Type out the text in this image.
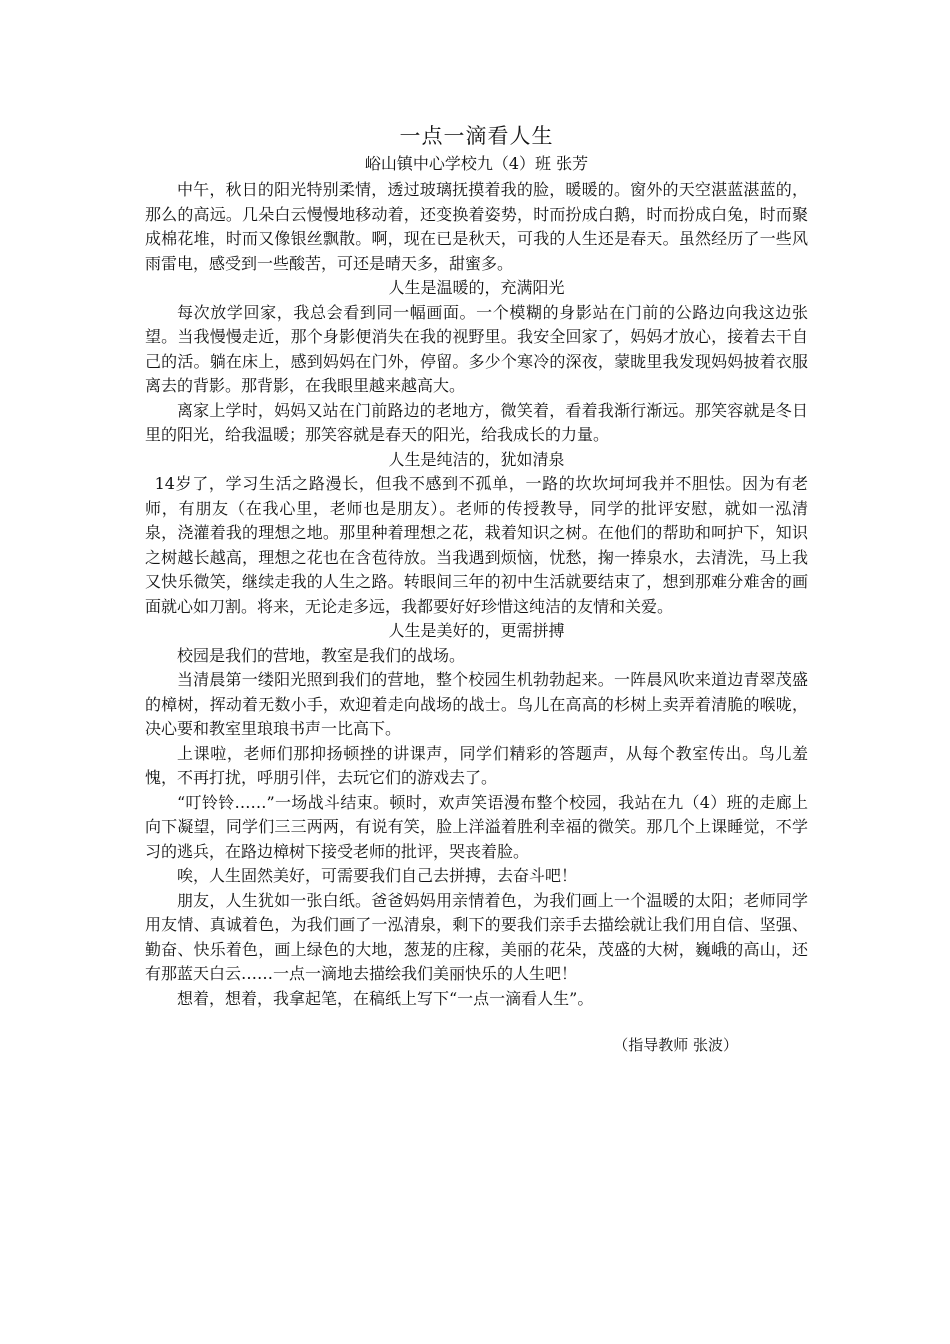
一点一滴看人生
峪山镇中心学校九（4）班 张芳

中午，秋日的阳光特别柔情，透过玻璃抚摸着我的脸，暖暖的。窗外的天空湛蓝湛蓝的，那么的高远。几朵白云慢慢地移动着，还变换着姿势，时而扮成白鹅，时而扮成白兔，时而聚成棉花堆，时而又像银丝飘散。啊，现在已是秋天，可我的人生还是春天。虽然经历了一些风雨雷电，感受到一些酸苦，可还是晴天多，甜蜜多。

人生是温暖的，充满阳光

每次放学回家，我总会看到同一幅画面。一个模糊的身影站在门前的公路边向我这边张望。当我慢慢走近，那个身影便消失在我的视野里。我安全回家了，妈妈才放心，接着去干自己的活。躺在床上，感到妈妈在门外，停留。多少个寒冷的深夜，蒙眬里我发现妈妈披着衣服离去的背影。那背影，在我眼里越来越高大。

离家上学时，妈妈又站在门前路边的老地方，微笑着，看着我渐行渐远。那笑容就是冬日里的阳光，给我温暖；那笑容就是春天的阳光，给我成长的力量。

人生是纯洁的，犹如清泉

14岁了，学习生活之路漫长，但我不感到不孤单，一路的坎坎坷坷我并不胆怯。因为有老师，有朋友（在我心里，老师也是朋友）。老师的传授教导，同学的批评安慰，就如一泓清泉，浇灌着我的理想之地。那里种着理想之花，栽着知识之树。在他们的帮助和呵护下，知识之树越长越高，理想之花也在含苞待放。当我遇到烦恼，忧愁，掬一捧泉水，去清洗，马上我又快乐微笑，继续走我的人生之路。转眼间三年的初中生活就要结束了，想到那难分难舍的画面就心如刀割。将来，无论走多远，我都要好好珍惜这纯洁的友情和关爱。

人生是美好的，更需拼搏

校园是我们的营地，教室是我们的战场。

当清晨第一缕阳光照到我们的营地，整个校园生机勃勃起来。一阵晨风吹来道边青翠茂盛的樟树，挥动着无数小手，欢迎着走向战场的战士。鸟儿在高高的杉树上卖弄着清脆的喉咙，决心要和教室里琅琅书声一比高下。

上课啦，老师们那抑扬顿挫的讲课声，同学们精彩的答题声，从每个教室传出。鸟儿羞愧，不再打扰，呼朋引伴，去玩它们的游戏去了。

“叮铃铃……”一场战斗结束。顿时，欢声笑语漫布整个校园，我站在九（4）班的走廊上向下凝望，同学们三三两两，有说有笑，脸上洋溢着胜利幸福的微笑。那几个上课睡觉，不学习的逃兵，在路边樟树下接受老师的批评，哭丧着脸。

唉，人生固然美好，可需要我们自己去拼搏，去奋斗吧！

朋友，人生犹如一张白纸。爸爸妈妈用亲情着色，为我们画上一个温暖的太阳；老师同学用友情、真诚着色，为我们画了一泓清泉，剩下的要我们亲手去描绘就让我们用自信、坚强、勤奋、快乐着色，画上绿色的大地，葱茏的庄稼，美丽的花朵，茂盛的大树，巍峨的高山，还有那蓝天白云……一点一滴地去描绘我们美丽快乐的人生吧！

想着，想着，我拿起笔，在稿纸上写下“一点一滴看人生”。

（指导教师 张波）
